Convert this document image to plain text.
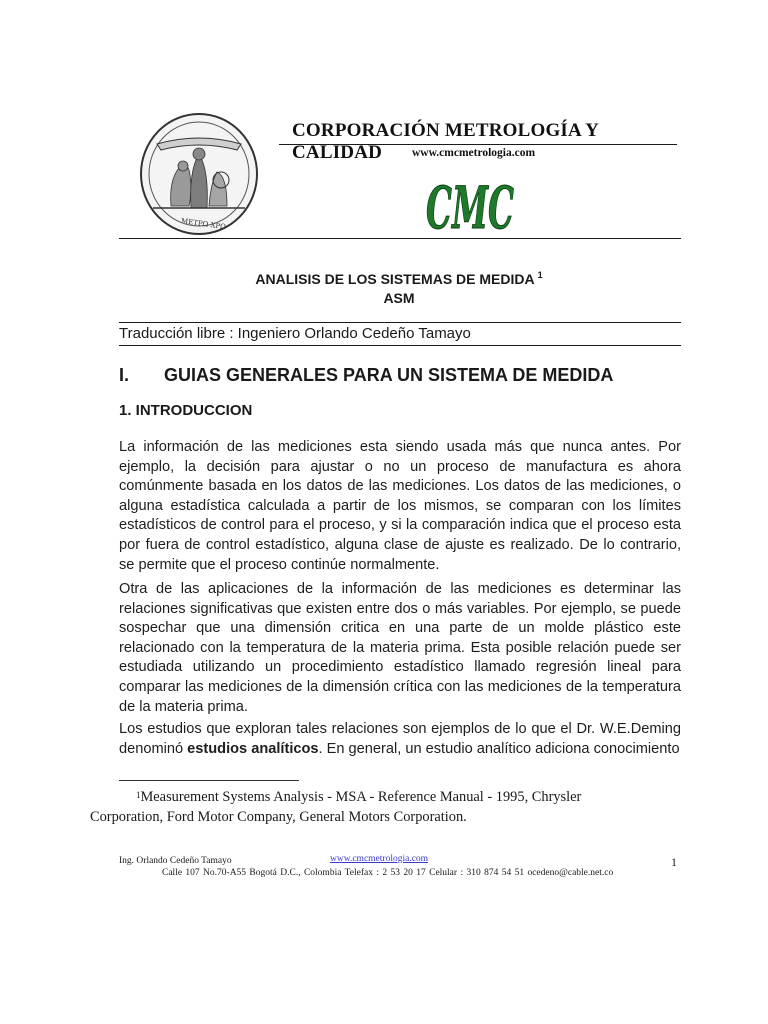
METPΩ XPΩ
CORPORACIÓN METROLOGÍA Y CALIDAD	www.cmcmetrologia.com
CMC
ANALISIS DE LOS SISTEMAS DE MEDIDA $^1$
ASM
Traducción libre : Ingeniero Orlando Cedeño Tamayo
I. GUIAS GENERALES PARA UN SISTEMA DE MEDIDA
1. INTRODUCCION
La información de las mediciones esta siendo usada más que nunca antes. Por ejemplo, la decisión para ajustar o no un proceso de manufactura es ahora comúnmente basada en los datos de las mediciones. Los datos de las mediciones, o alguna estadística calculada a partir de los mismos, se comparan con los límites estadísticos de control para el proceso, y si la comparación indica que el proceso esta por fuera de control estadístico, alguna clase de ajuste es realizado. De lo contrario, se permite que el proceso continúe normalmente.
Otra de las aplicaciones de la información de las mediciones es determinar las relaciones significativas que existen entre dos o más variables. Por ejemplo, se puede sospechar que una dimensión critica en una parte de un molde plástico este relacionado con la temperatura de la materia prima. Esta posible relación puede ser estudiada utilizando un procedimiento estadístico llamado regresión lineal para comparar las mediciones de la dimensión crítica con las mediciones de la temperatura de la materia prima.
Los estudios que exploran tales relaciones son ejemplos de lo que el Dr. W.E.Deming denominó estudios analíticos. En general, un estudio analítico adiciona conocimiento
$^1$Measurement Systems Analysis - MSA - Reference Manual - 1995, Chrysler Corporation, Ford Motor Company, General Motors Corporation.
Ing. Orlando Cedeño Tamayo	www.cmcmetrologia.com	1
Calle 107 No.70-A55 Bogotá D.C., Colombia Telefax : 2 53 20 17 Celular : 310 874 54 51 ocedeno@cable.net.co
